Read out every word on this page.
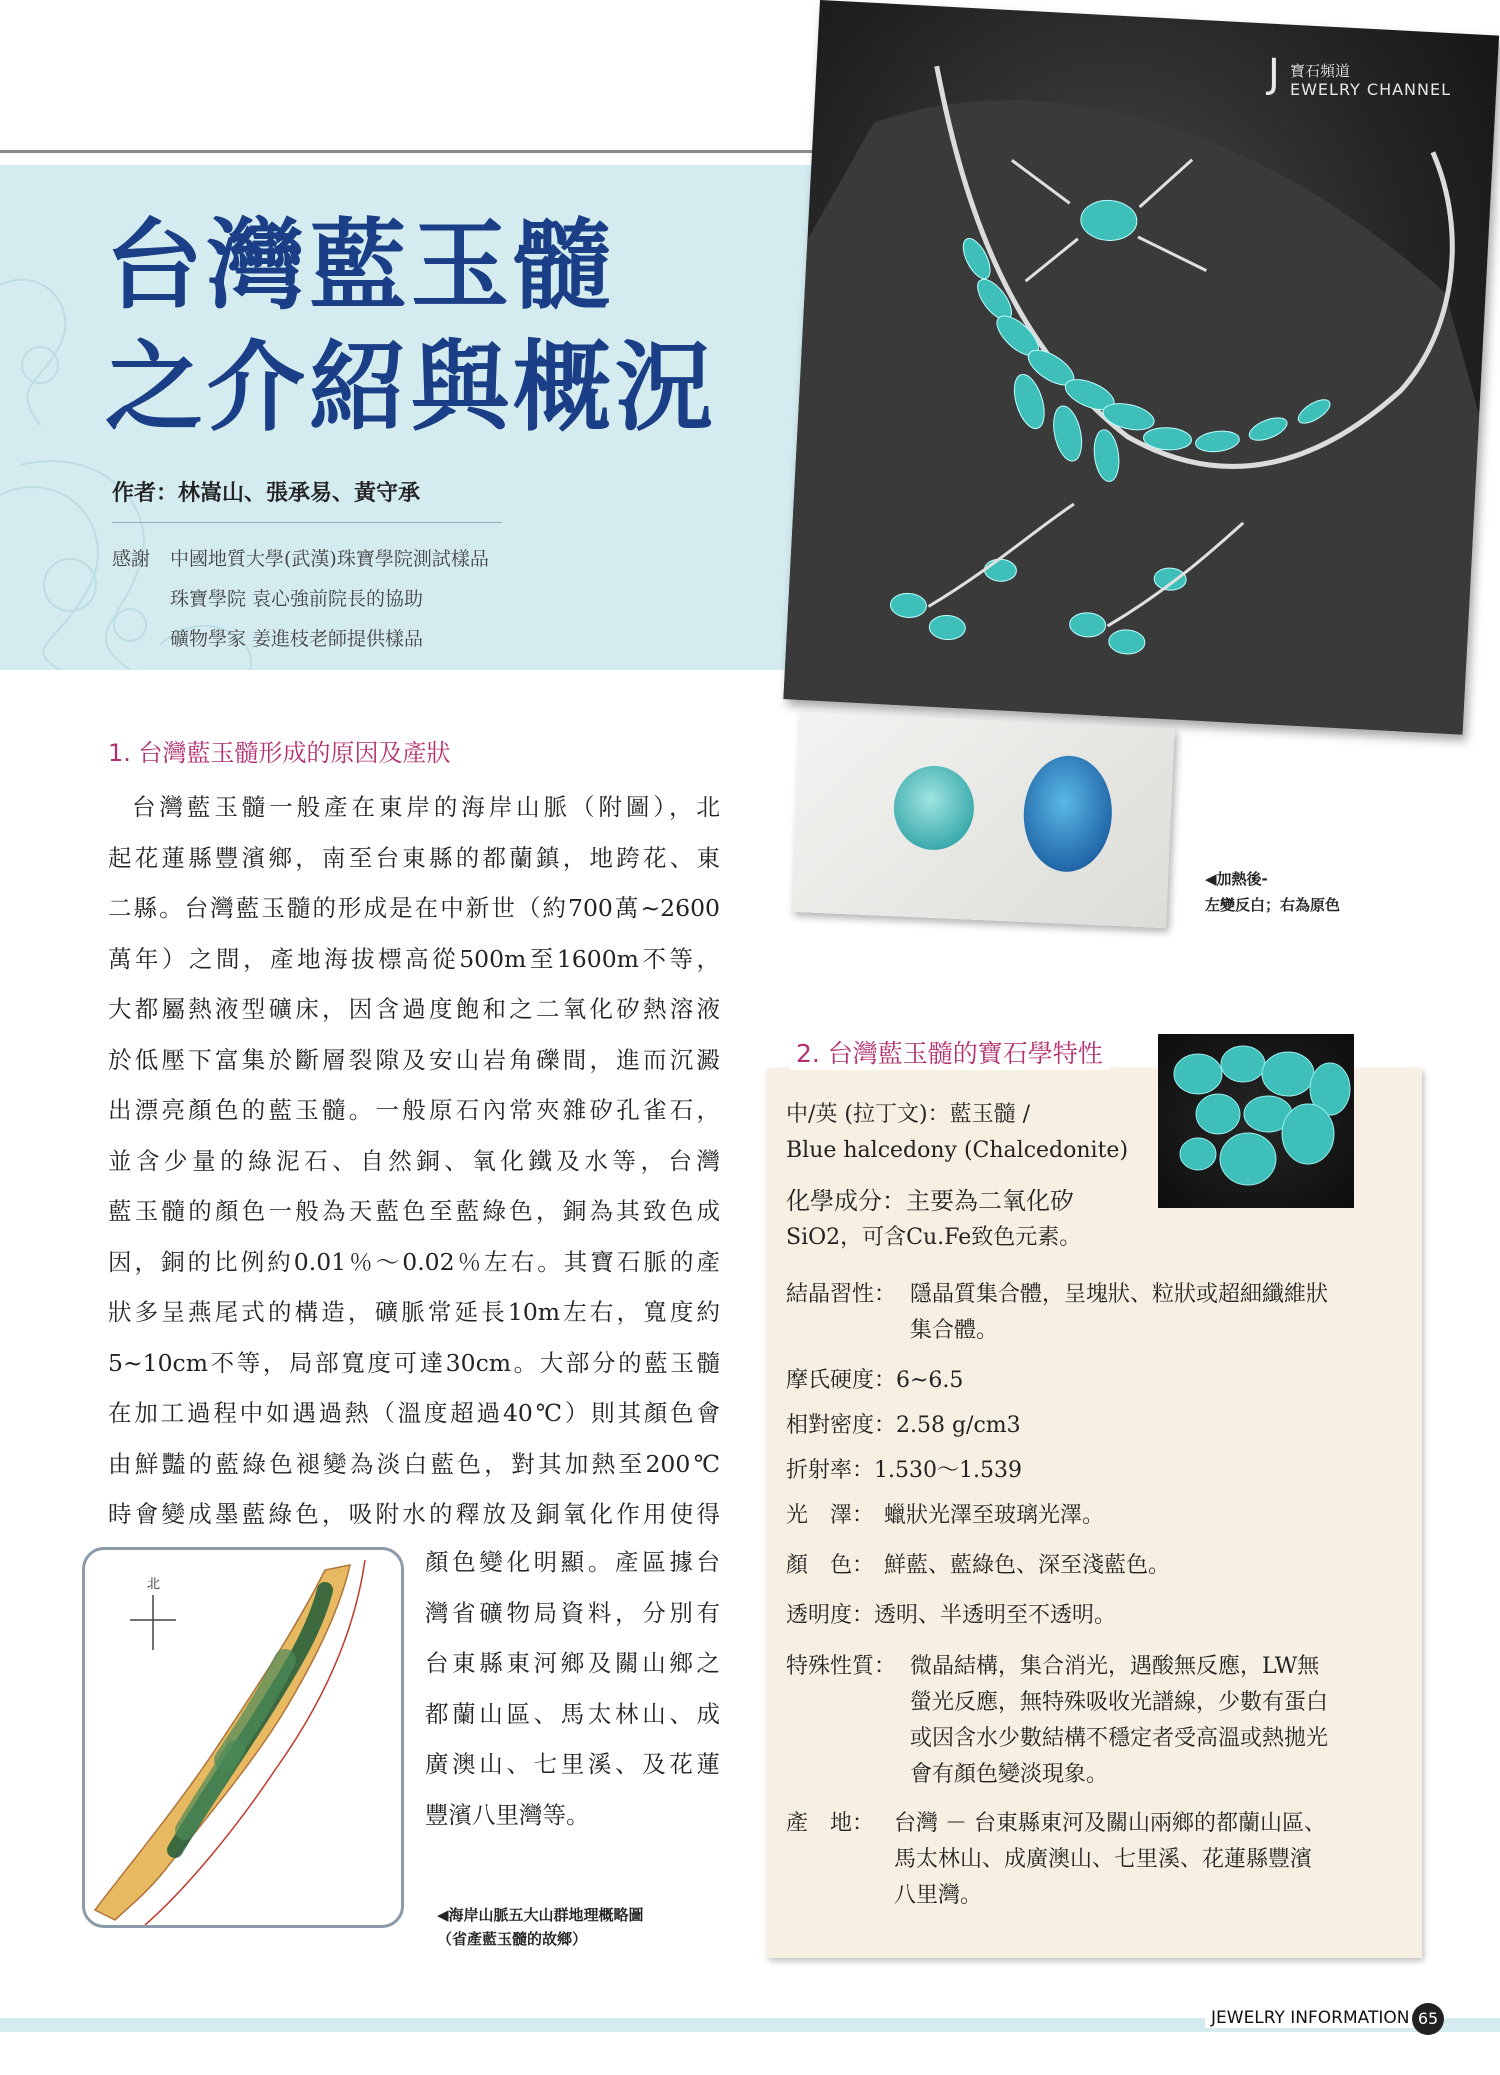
台灣藍玉髓
之介紹與概況
作者：林嵩山、張承易、黃守承
感謝 中國地質大學(武漢)珠寶學院測試樣品
珠寶學院 袁心強前院長的協助
礦物學家 姜進枝老師提供樣品
J 寶石頻道
EWELRY CHANNEL
◀加熱後-
左變反白；右為原色
1. 台灣藍玉髓形成的原因及產狀

台灣藍玉髓一般產在東岸的海岸山脈（附圖），北

起花蓮縣豐濱鄉，南至台東縣的都蘭鎮，地跨花、東

二縣。台灣藍玉髓的形成是在中新世（約700萬~2600

萬年）之間，產地海拔標高從500m至1600m不等，

大都屬熱液型礦床，因含過度飽和之二氧化矽熱溶液

於低壓下富集於斷層裂隙及安山岩角礫間，進而沉澱

出漂亮顏色的藍玉髓。一般原石內常夾雜矽孔雀石，

並含少量的綠泥石、自然銅、氧化鐵及水等，台灣

藍玉髓的顏色一般為天藍色至藍綠色，銅為其致色成

因，銅的比例約0.01％～0.02％左右。其寶石脈的產

狀多呈燕尾式的構造，礦脈常延長10m左右，寬度約

5~10cm不等，局部寬度可達30cm。大部分的藍玉髓

在加工過程中如遇過熱（溫度超過40℃）則其顏色會

由鮮豔的藍綠色褪變為淡白藍色，對其加熱至200℃

時會變成墨藍綠色，吸附水的釋放及銅氧化作用使得

顏色變化明顯。產區據台

灣省礦物局資料，分別有

台東縣東河鄉及關山鄉之

都蘭山區、馬太林山、成

廣澳山、七里溪、及花蓮

豐濱八里灣等。

北
◀海岸山脈五大山群地理概略圖
（省產藍玉髓的故鄉）
2. 台灣藍玉髓的寶石學特性
中/英 (拉丁文)：藍玉髓 /
Blue halcedony (Chalcedonite)
化學成分：主要為二氧化矽
SiO2，可含Cu.Fe致色元素。
結晶習性： 隱晶質集合體，呈塊狀、粒狀或超細纖維狀
集合體。
摩氏硬度：6~6.5
相對密度：2.58 g/cm3
折射率：1.530～1.539
光　澤： 蠟狀光澤至玻璃光澤。
顏　色： 鮮藍、藍綠色、深至淺藍色。
透明度：透明、半透明至不透明。
特殊性質： 微晶結構，集合消光，遇酸無反應，LW無
螢光反應，無特殊吸收光譜線，少數有蛋白
或因含水少數結構不穩定者受高溫或熱拋光
會有顏色變淡現象。
產　地： 台灣 － 台東縣東河及關山兩鄉的都蘭山區、
馬太林山、成廣澳山、七里溪、花蓮縣豐濱
八里灣。
JEWELRY INFORMATION 65
